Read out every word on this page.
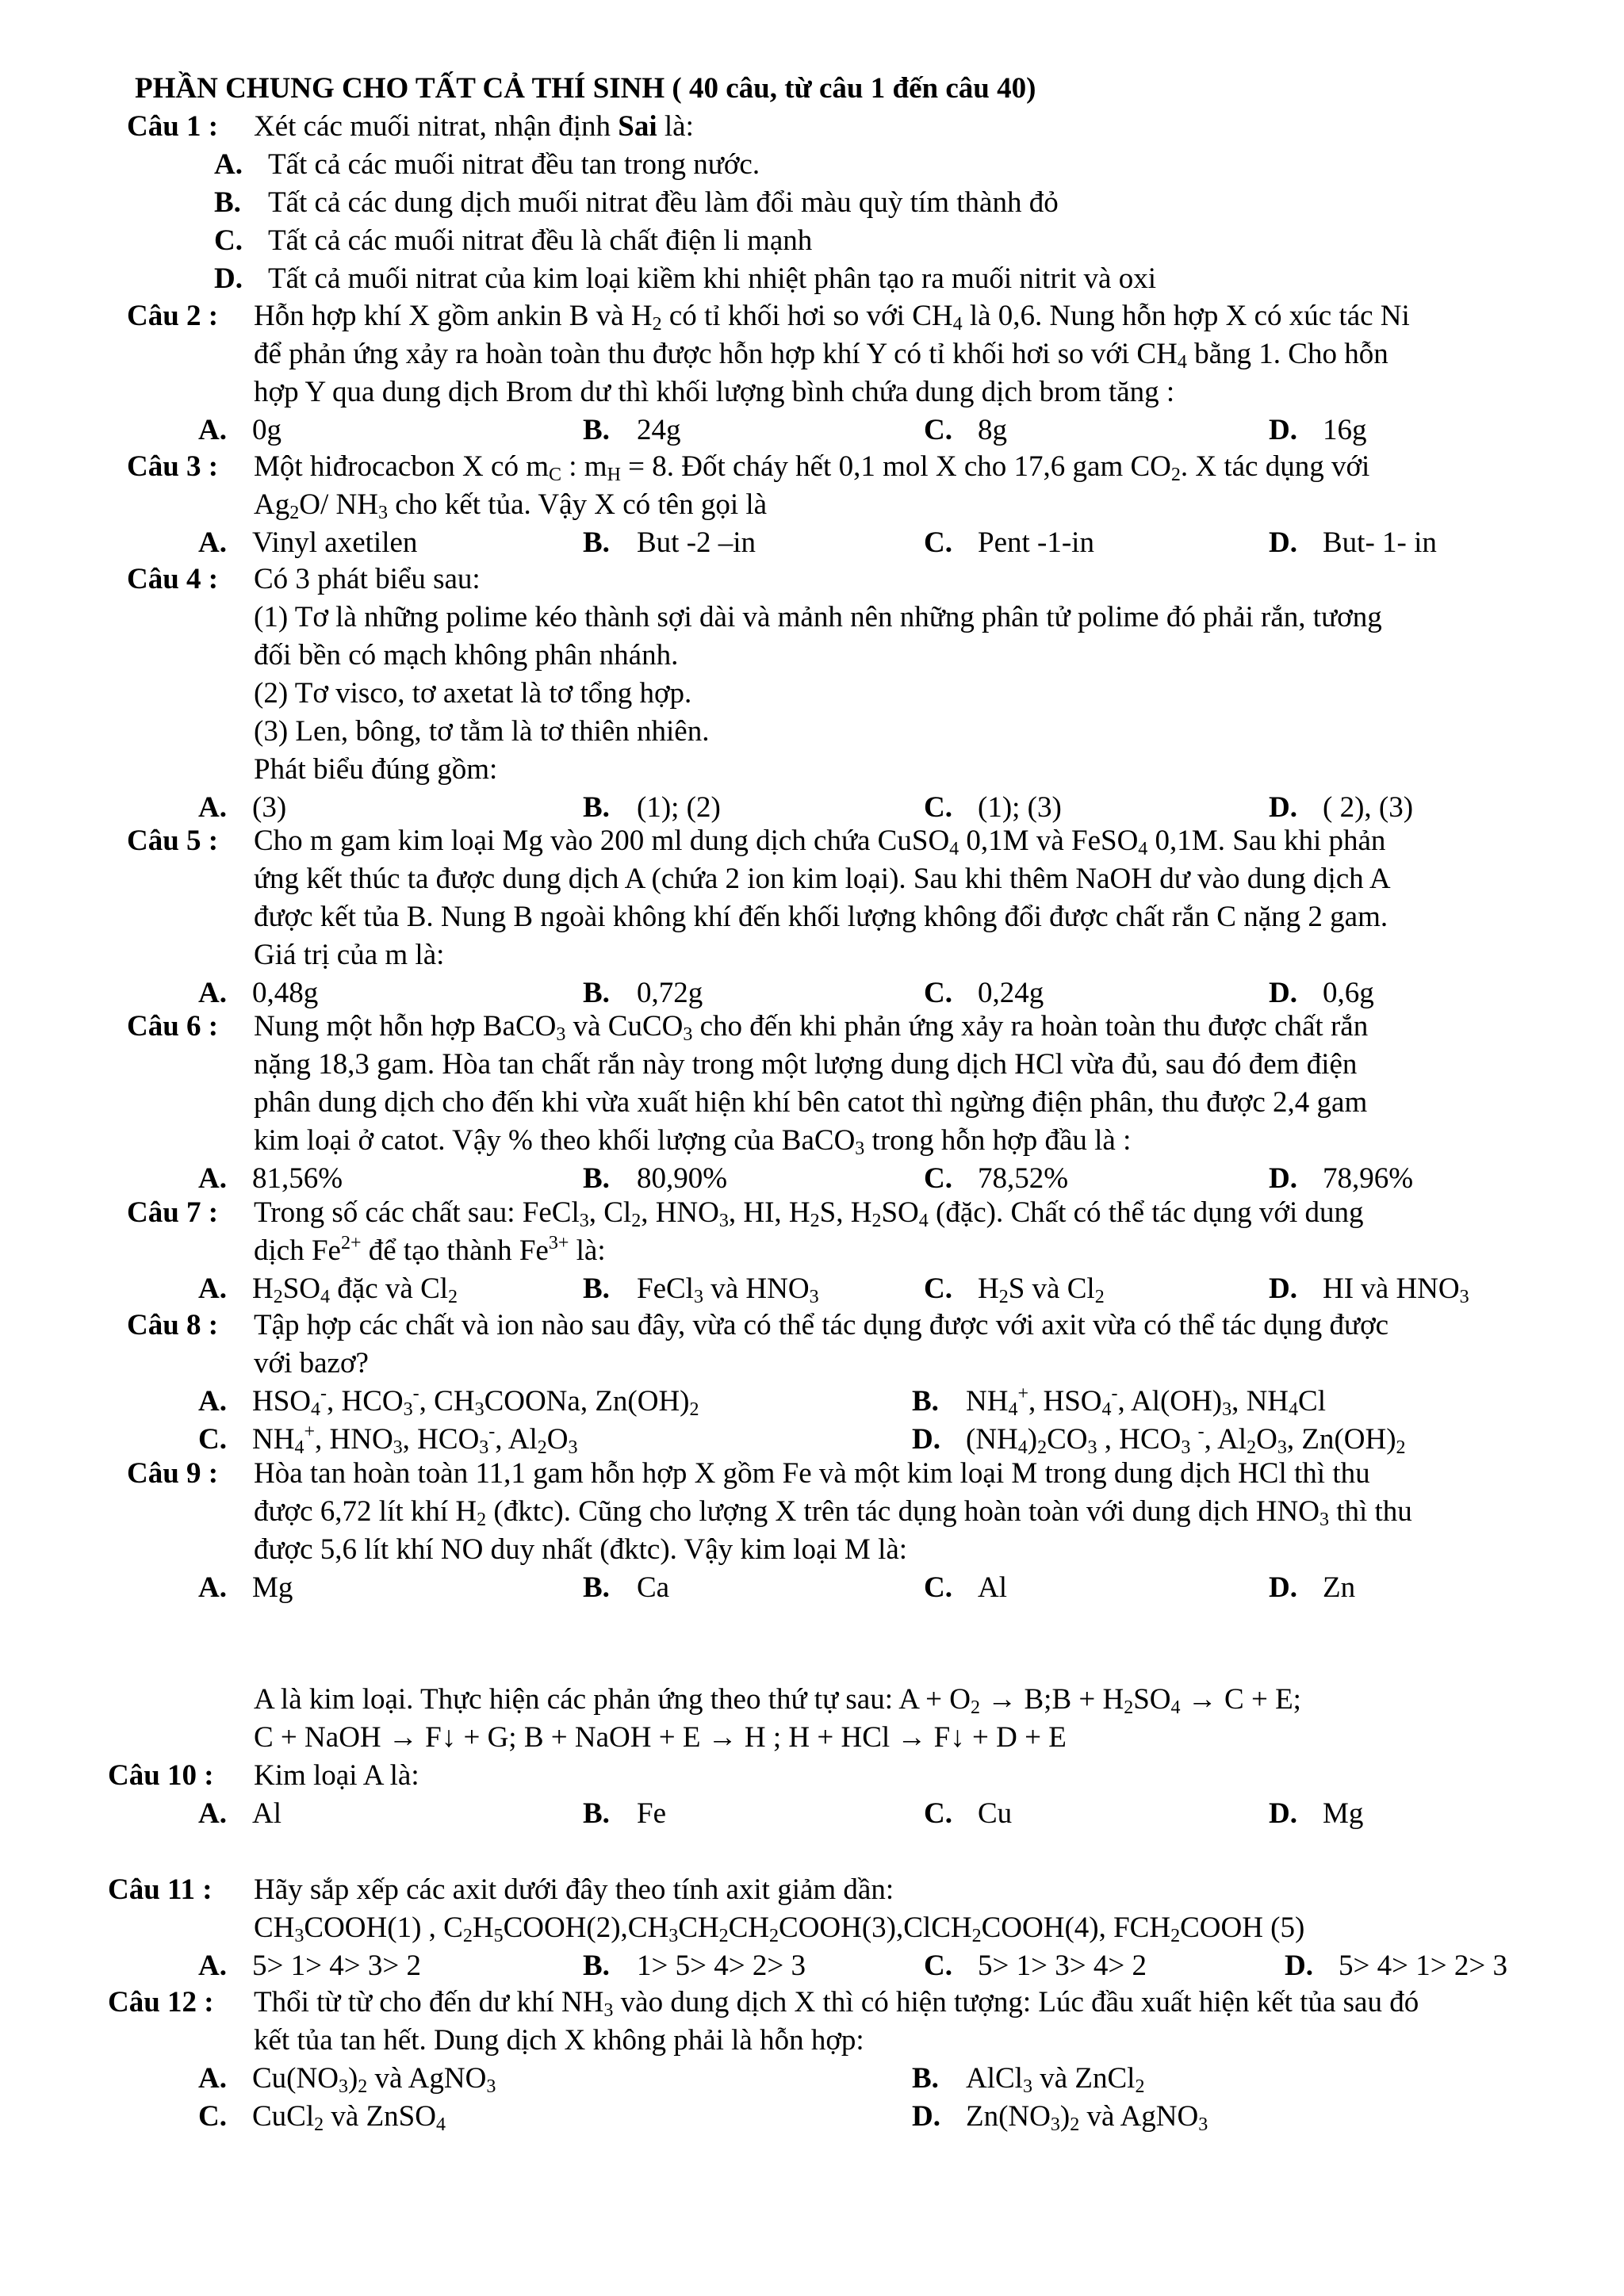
PHẦN CHUNG CHO TẤT CẢ THÍ SINH ( 40 câu, từ câu 1 đến câu 40)
Câu 1 : Xét các muối nitrat, nhận định Sai là:

A. Tất cả các muối nitrat đều tan trong nước.
B. Tất cả các dung dịch muối nitrat đều làm đổi màu quỳ tím thành đỏ
C. Tất cả các muối nitrat đều là chất điện li mạnh
D. Tất cả muối nitrat của kim loại kiềm khi nhiệt phân tạo ra muối nitrit và oxi
Câu 2 : Hỗn hợp khí X gồm ankin B và $H_2$ có tỉ khối hơi so với $CH_4$ là 0,6. Nung hỗn hợp X có xúc tác Ni

để phản ứng xảy ra hoàn toàn thu được hỗn hợp khí Y có tỉ khối hơi so với $CH_4$ bằng 1. Cho hỗn

hợp Y qua dung dịch Brom dư thì khối lượng bình chứa dung dịch brom tăng :

A. 0g	B. 24g	C. 8g	D. 16g
Câu 3 : Một hiđrocacbon X có $m_C$ : $m_H = 8$. Đốt cháy hết 0,1 mol X cho 17,6 gam $CO_2$. X tác dụng với

$Ag_2O/$ $NH_3$ cho kết tủa. Vậy X có tên gọi là

A. Vinyl axetilen	B. But -2 –in	C. Pent -1-in	D. But- 1- in
Câu 4 : Có 3 phát biểu sau:

(1) Tơ là những polime kéo thành sợi dài và mảnh nên những phân tử polime đó phải rắn, tương

đối bền có mạch không phân nhánh.

(2) Tơ visco, tơ axetat là tơ tổng hợp.

(3) Len, bông, tơ tằm là tơ thiên nhiên.

Phát biểu đúng gồm:

A. (3)	B. (1); (2)	C. (1); (3)	D. ( 2), (3)
Câu 5 : Cho m gam kim loại Mg vào 200 ml dung dịch chứa CuSO$_4$ 0,1M và FeSO$_4$ 0,1M. Sau khi phản

ứng kết thúc ta được dung dịch A (chứa 2 ion kim loại). Sau khi thêm NaOH dư vào dung dịch A

được kết tủa B. Nung B ngoài không khí đến khối lượng không đổi được chất rắn C nặng 2 gam.

Giá trị của m là:

A. 0,48g	B. 0,72g	C. 0,24g	D. 0,6g
Câu 6 : Nung một hỗn hợp BaCO$_3$ và CuCO$_3$ cho đến khi phản ứng xảy ra hoàn toàn thu được chất rắn

nặng 18,3 gam. Hòa tan chất rắn này trong một lượng dung dịch HCl vừa đủ, sau đó đem điện

phân dung dịch cho đến khi vừa xuất hiện khí bên catot thì ngừng điện phân, thu được 2,4 gam

kim loại ở catot. Vậy % theo khối lượng của BaCO$_3$ trong hỗn hợp đầu là :

A. 81,56%	B. 80,90%	C. 78,52%	D. 78,96%
Câu 7 : Trong số các chất sau: FeCl$_3$, $Cl_2$, $HNO_3$, HI, $H_2S$, $H_2SO_4$ (đặc). Chất có thể tác dụng với dung

dịch $Fe^{2+}$ để tạo thành $Fe^{3+}$ là:

A. $H_2SO_4$ đặc và $Cl_2$	B. FeCl$_3$ và $HNO_3$	C. $H_2S$ và $Cl_2$	D. HI và $HNO_3$
Câu 8 : Tập hợp các chất và ion nào sau đây, vừa có thể tác dụng được với axit vừa có thể tác dụng được

với bazơ?

A. $HSO_4^-$, $HCO_3^-$, $CH_3COONa$, $Zn(OH)_2$	B. $NH_4^+$, $HSO_4^-$, $Al(OH)_3$, $NH_4Cl$
C. $NH_4^+$, $HNO_3$, $HCO_3^-$, $Al_2O_3$	D. $(NH_4)_2CO_3$ , $HCO_3$ -, $Al_2O_3$, $Zn(OH)_2$
Câu 9 : Hòa tan hoàn toàn 11,1 gam hỗn hợp X gồm Fe và một kim loại M trong dung dịch HCl thì thu

được 6,72 lít khí $H_2$ (đktc). Cũng cho lượng X trên tác dụng hoàn toàn với dung dịch $HNO_3$ thì thu

được 5,6 lít khí NO duy nhất (đktc). Vậy kim loại M là:

A. Mg	B. Ca	C. Al	D. Zn

A là kim loại. Thực hiện các phản ứng theo thứ tự sau: $A + O_2$ → B;B + $H_2SO_4 \to C + E$;

C + NaOH → F↓ + G; B + NaOH + E → H ; H + HCl → F↓ + D + E

Câu 10 : Kim loại A là:

A. Al	B. Fe	C. Cu	D. Mg
Câu 11 : Hãy sắp xếp các axit dưới đây theo tính axit giảm dần:

$CH_3COOH(1)$ , $C_2H_5COOH(2),CH_3CH_2CH_2COOH(3),ClCH_2COOH(4)$, $FCH_2COOH$ (5)

A. 5> 1> 4> 3> 2	B. 1> 5> 4> 2> 3	C. 5> 1> 3> 4> 2	D. 5> 4> 1> 2> 3
Câu 12 : Thổi từ từ cho đến dư khí $NH_3$ vào dung dịch X thì có hiện tượng: Lúc đầu xuất hiện kết tủa sau đó

kết tủa tan hết. Dung dịch X không phải là hỗn hợp:

A. $Cu(NO_3)_2$ và AgNO$_3$	B. AlCl$_3$ và ZnCl$_2$
C. CuCl$_2$ và ZnSO$_4$	D. $Zn(NO_3)_2$ và AgNO$_3$
